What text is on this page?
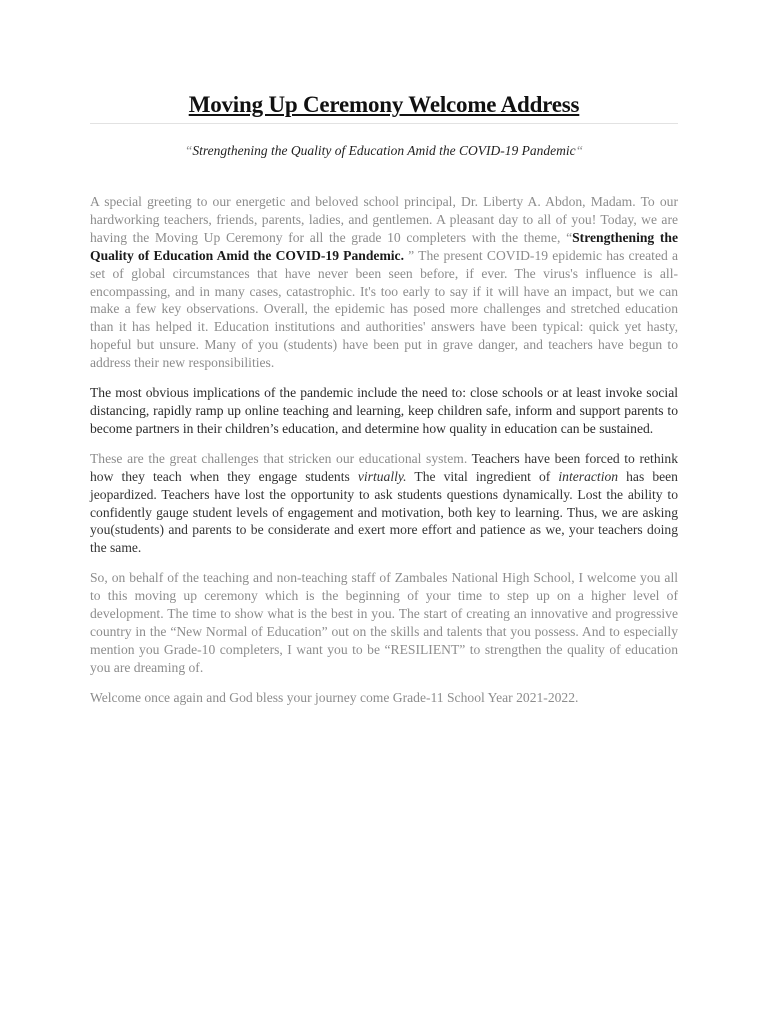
Moving Up Ceremony Welcome Address

“Strengthening the Quality of Education Amid the COVID-19 Pandemic“

A special greeting to our energetic and beloved school principal, Dr. Liberty A. Abdon, Madam. To our hardworking teachers, friends, parents, ladies, and gentlemen. A pleasant day to all of you! Today, we are having the Moving Up Ceremony for all the grade 10 completers with the theme, “Strengthening the Quality of Education Amid the COVID-19 Pandemic. ” The present COVID-19 epidemic has created a set of global circumstances that have never been seen before, if ever. The virus's influence is all-encompassing, and in many cases, catastrophic. It's too early to say if it will have an impact, but we can make a few key observations. Overall, the epidemic has posed more challenges and stretched education than it has helped it. Education institutions and authorities' answers have been typical: quick yet hasty, hopeful but unsure. Many of you (students) have been put in grave danger, and teachers have begun to address their new responsibilities.

The most obvious implications of the pandemic include the need to: close schools or at least invoke social distancing, rapidly ramp up online teaching and learning, keep children safe, inform and support parents to become partners in their children’s education, and determine how quality in education can be sustained.

These are the great challenges that stricken our educational system. Teachers have been forced to rethink how they teach when they engage students virtually. The vital ingredient of interaction has been jeopardized. Teachers have lost the opportunity to ask students questions dynamically. Lost the ability to confidently gauge student levels of engagement and motivation, both key to learning. Thus, we are asking you(students) and parents to be considerate and exert more effort and patience as we, your teachers doing the same.

So, on behalf of the teaching and non-teaching staff of Zambales National High School, I welcome you all to this moving up ceremony which is the beginning of your time to step up on a higher level of development. The time to show what is the best in you. The start of creating an innovative and progressive country in the “New Normal of Education” out on the skills and talents that you possess. And to especially mention you Grade-10 completers, I want you to be “RESILIENT” to strengthen the quality of education you are dreaming of.

Welcome once again and God bless your journey come Grade-11 School Year 2021-2022.
